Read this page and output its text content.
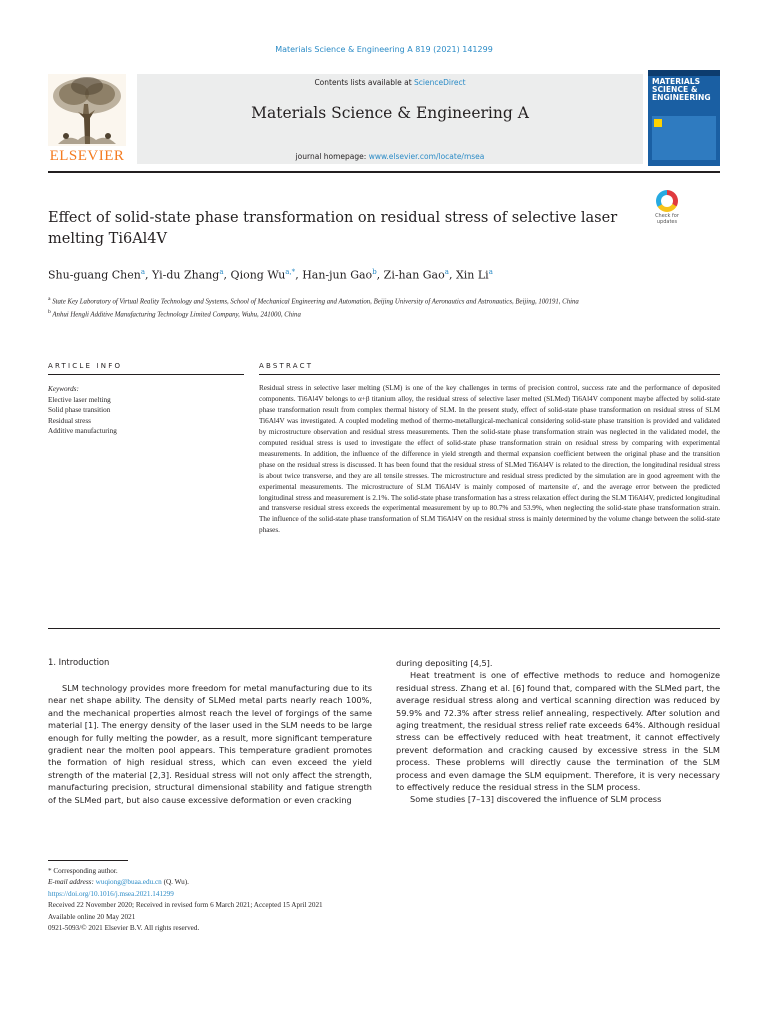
Materials Science & Engineering A 819 (2021) 141299
ELSEVIER
Contents lists available at ScienceDirect
Materials Science & Engineering A
journal homepage: www.elsevier.com/locate/msea
MATERIALS SCIENCE & ENGINEERING
Effect of solid-state phase transformation on residual stress of selective laser melting Ti6Al4V
Check for updates
Shu-guang Chen$^a$, Yi-du Zhang$^a$, Qiong $Wu^{a,*}$, Han-jun Gao$^b$, Zi-han Gao$^a$, Xin Li$^a$
$^a$ State Key Laboratory of Virtual Reality Technology and Systems, School of Mechanical Engineering and Automation, Beijing University of Aeronautics and Astronautics, Beijing, 100191, China
$^b$ Anhui Hengli Additive Manufacturing Technology Limited Company, Wuhu, 241000, China
ARTICLE INFO	ABSTRACT
Keywords:
Elective laser melting
Solid phase transition
Residual stress
Additive manufacturing
Residual stress in selective laser melting (SLM) is one of the key challenges in terms of precision control, success rate and the performance of deposited components. Ti6Al4V belongs to α+β titanium alloy, the residual stress of selective laser melted (SLMed) Ti6Al4V component maybe affected by solid-state phase transformation result from complex thermal history of SLM. In the present study, effect of solid-state phase transformation on residual stress of SLM Ti6Al4V was investigated. A coupled modeling method of thermo-metallurgical-mechanical considering solid-state phase transition is provided and validated by microstructure observation and residual stress measurements. Then the solid-state phase transformation strain was neglected in the validated model, the computed residual stress is used to investigate the effect of solid-state phase transformation strain on residual stress by comparing with experimental measurements. In addition, the influence of the difference in yield strength and thermal expansion coefficient between the original phase and the transition phase on the residual stress is discussed. It has been found that the residual stress of SLMed Ti6Al4V is related to the direction, the longitudinal residual stress is about twice transverse, and they are all tensile stresses. The microstructure and residual stress predicted by the simulation are in good agreement with the experimental measurements. The microstructure of SLM Ti6Al4V is mainly composed of martensite α′, and the average error between the predicted longitudinal stress and measurement is 2.1%. The solid-state phase transformation has a stress relaxation effect during the SLM Ti6Al4V, predicted longitudinal and transverse residual stress exceeds the experimental measurement by up to 80.7% and 53.9%, when neglecting the solid-state phase transformation strain. The influence of the solid-state phase transformation of SLM Ti6Al4V on the residual stress is mainly determined by the volume change between the solid-state phases.
1. Introduction

SLM technology provides more freedom for metal manufacturing due to its near net shape ability. The density of SLMed metal parts nearly reach 100%, and the mechanical properties almost reach the level of forgings of the same material [1]. The energy density of the laser used in the SLM needs to be large enough for fully melting the powder, as a result, more significant temperature gradient near the molten pool appears. This temperature gradient promotes the formation of high residual stress, which can even exceed the yield strength of the material [2,3]. Residual stress will not only affect the strength, manufacturing precision, structural dimensional stability and fatigue strength of the SLMed part, but also cause excessive deformation or even cracking

during depositing [4,5].

Heat treatment is one of effective methods to reduce and homogenize residual stress. Zhang et al. [6] found that, compared with the SLMed part, the average residual stress along and vertical scanning direction was reduced by 59.9% and 72.3% after stress relief annealing, respectively. After solution and aging treatment, the residual stress relief rate exceeds 64%. Although residual stress can be effectively reduced with heat treatment, it cannot effectively prevent deformation and cracking caused by excessive stress in the SLM process. These problems will directly cause the termination of the SLM process and even damage the SLM equipment. Therefore, it is very necessary to effectively reduce the residual stress in the SLM process.

Some studies [7–13] discovered the influence of SLM process

* Corresponding author.
E-mail address: wuqiong@buaa.edu.cn (Q. Wu).
https://doi.org/10.1016/j.msea.2021.141299
Received 22 November 2020; Received in revised form 6 March 2021; Accepted 15 April 2021
Available online 20 May 2021
0921-5093/© 2021 Elsevier B.V. All rights reserved.
